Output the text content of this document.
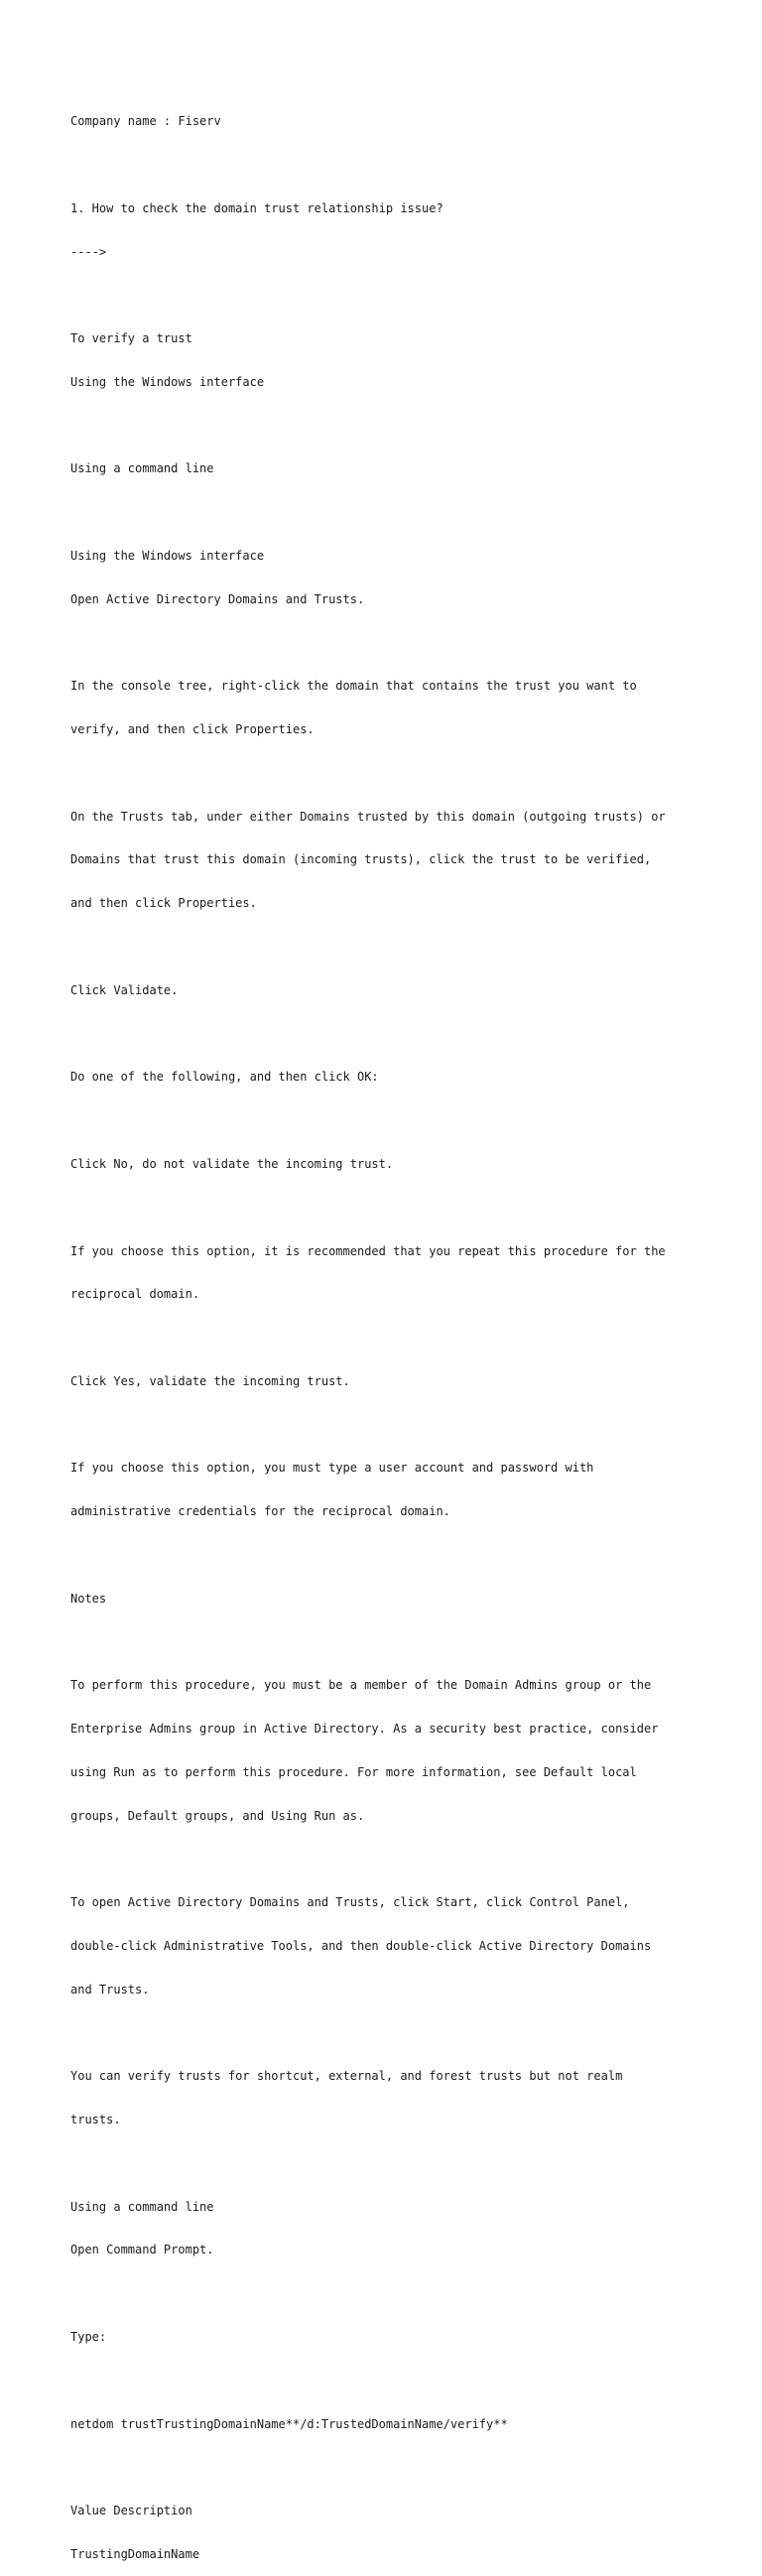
Company name : Fiserv

1. How to check the domain trust relationship issue?

---->

To verify a trust

Using the Windows interface

Using a command line

Using the Windows interface

Open Active Directory Domains and Trusts.

In the console tree, right-click the domain that contains the trust you want to

verify, and then click Properties.

On the Trusts tab, under either Domains trusted by this domain (outgoing trusts) or

Domains that trust this domain (incoming trusts), click the trust to be verified,

and then click Properties.

Click Validate.

Do one of the following, and then click OK:

Click No, do not validate the incoming trust.

If you choose this option, it is recommended that you repeat this procedure for the

reciprocal domain.

Click Yes, validate the incoming trust.

If you choose this option, you must type a user account and password with

administrative credentials for the reciprocal domain.

Notes

To perform this procedure, you must be a member of the Domain Admins group or the

Enterprise Admins group in Active Directory. As a security best practice, consider

using Run as to perform this procedure. For more information, see Default local

groups, Default groups, and Using Run as.

To open Active Directory Domains and Trusts, click Start, click Control Panel,

double-click Administrative Tools, and then double-click Active Directory Domains

and Trusts.

You can verify trusts for shortcut, external, and forest trusts but not realm

trusts.

Using a command line

Open Command Prompt.

Type:

netdom trustTrustingDomainName**/d:TrustedDomainName/verify**

Value Description

TrustingDomainName
